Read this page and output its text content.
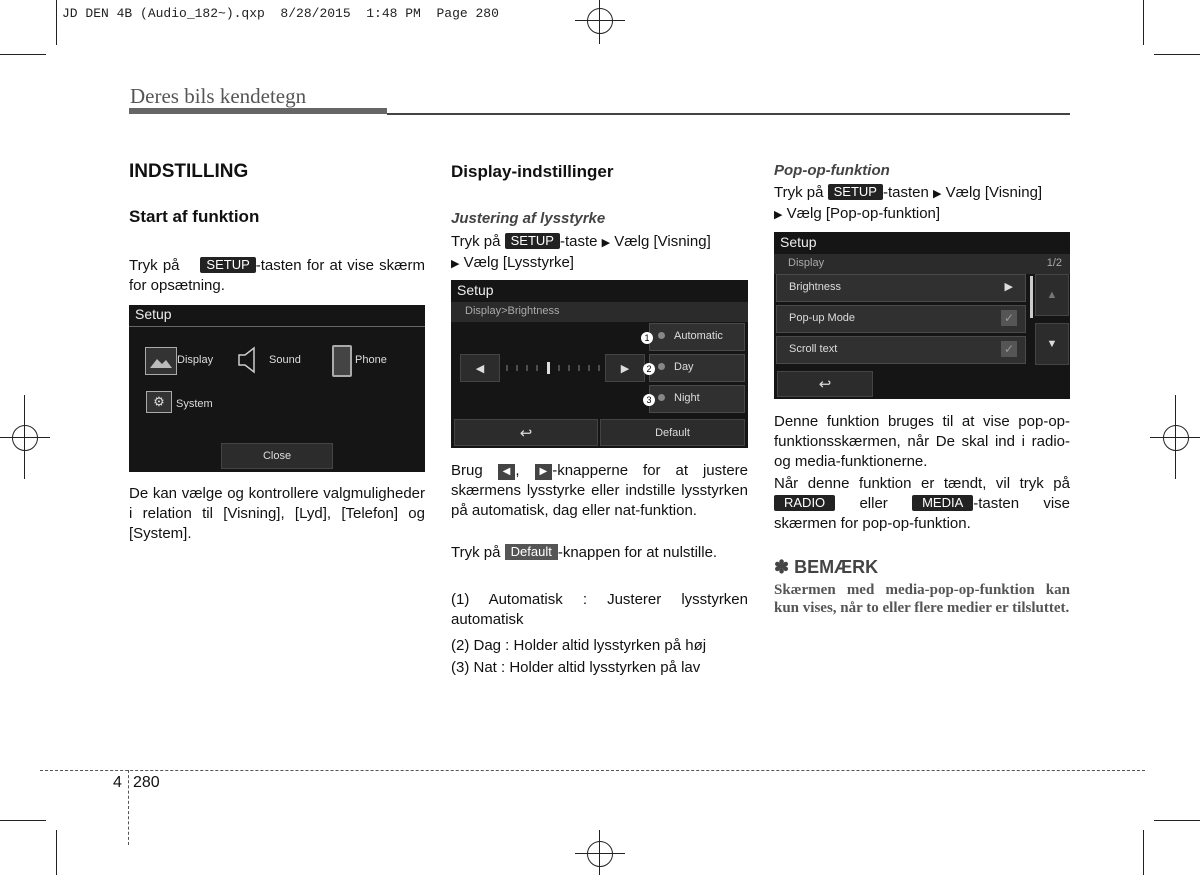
JD DEN 4B (Audio_182~).qxp  8/28/2015  1:48 PM  Page 280
Deres bils kendetegn
INDSTILLING
Start af funktion
Tryk på SETUP -tasten for at vise skærm for opsætning.
Setup
Display	Sound	Phone
⚙	System
Close
De kan vælge og kontrollere valgmuligheder i relation til [Visning], [Lyd], [Telefon] og [System].
Display-indstillinger
Justering af lysstyrke
Tryk på SETUP -taste ▶ Vælg [Visning]
▶ Vælg [Lysstyrke]
Setup
Display>Brightness
◀	▶
Automatic
Day
Night
1
2
3
↩	Default
Brug ◀ , ▶ -knapperne for at justere skærmens lysstyrke eller indstille lysstyrken på automatisk, dag eller nat-funktion.
Tryk på Default -knappen for at nulstille.
(1) Automatisk : Justerer lysstyrken automatisk
(2) Dag : Holder altid lysstyrken på høj
(3) Nat : Holder altid lysstyrken på lav
Pop-op-funktion
Tryk på SETUP -tasten ▶ Vælg [Visning]
▶ Vælg [Pop-op-funktion]
Setup
Display	1/2
Brightness	▶
Pop-up Mode	✓
Scroll text	✓
▲
▼
↩
Denne funktion bruges til at vise pop-op-funktionsskærmen, når De skal ind i radio- og media-funktionerne.
Når denne funktion er tændt, vil tryk på RADIO eller	MEDIA -tasten vise skærmen for pop-op-funktion.
✽ BEMÆRK
Skærmen med media-pop-op-funktion kan kun vises, når to eller flere medier er tilsluttet.
4 280
